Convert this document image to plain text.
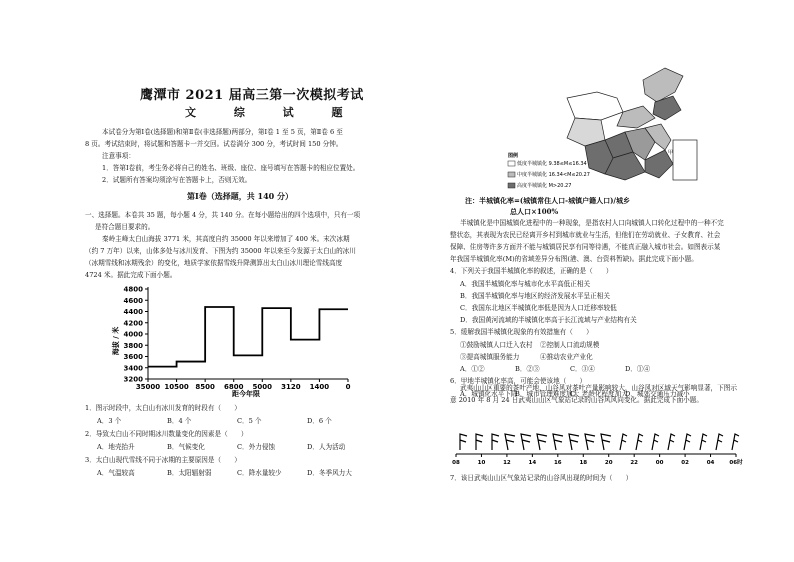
鹰潭市 2021 届高三第一次模拟考试
文 综 试 题
本试卷分为第Ⅰ卷(选择题)和第Ⅱ卷(非选择题)两部分，第Ⅰ卷 1 至 5 页，第Ⅱ卷 6 至
8 页。考试结束时，将试题和答题卡一并交回。试卷满分 300 分，考试时间 150 分钟。
注意事项：
1．答第Ⅰ卷前，考生务必将自己的姓名、班级、座位、座号填写在答题卡的相应位置处。
2．试题所有答案均须涂写在答题卡上，否则无效。
第Ⅰ卷（选择题，共 140 分）
一、选择题。本卷共 35 题，每小题 4 分，共 140 分。在每小题给出的四个选项中，只有一项
是符合题目要求的。
秦岭主峰太白山海拔 3771 米，其高度自约 35000 年以来增加了 400 米。末次冰期
（约 7 万年）以来，山体多处与冰川发育、下图为约 35000 年以来至今发源于太白山的冰川
（冰期雪线和冰期残余）的变化，地质学家依据雪线升降测算出太白山冰川理论雪线高度
4724 米。据此完成下面小题。
3200
3400
3600
3800
4000
4200
4400
4600
4800
35000 10500 8500 6800 5000 3120 1400 0
海拔 / 米
距今年限
1．图示时段中，太白山有冰川发育的时段有（　　）
A．3 个	B．4 个	C．5 个	D．6 个
2．导致太白山不同时期冰川数量变化的因素是（　　）
A．地壳抬升	B．气候变化	C．外力侵蚀	D．人为活动
3．太白山现代雪线不同于冰期的主要原因是（　　）
A．气温较高	B．太阳辐射弱	C．降水量较少	D．冬季风力大
甲
图例
低度半城镇化 9.38≤M≤16.34
中度半城镇化 16.34<M≤20.27
高度半城镇化 M>20.27
注：半城镇化率=(城镇常住人口-城镇户籍人口)/城乡
总人口×100%
半城镇化是中国城镇化进程中的一种现象，是指农村人口向城镇人口转化过程中的一种不完
整状态，其表现为农民已经离开乡村到城市就业与生活，但他们在劳动就业、子女教育、社会
保障、住房等许多方面并不能与城镇居民享有同等待遇，不能真正融入城市社会。如图表示某
年我国半城镇化率(M)的省域差异分布图(港、澳、台资料暂缺)。据此完成下面小题。
4．下列关于我国半城镇化率的叙述，正确的是（　　）
A．我国半城镇化率与城市化水平高低正相关
B．我国半城镇化率与地区的经济发展水平呈正相关
C．我国东北地区半城镇化率低是因为人口迁移率较低
D．我国黄河流域的半城镇化率高于长江流域与产业结构有关
5．缓解我国半城镇化现象的有效措施有（　　）
①鼓励城镇人口迁入农村 ②控制人口流动规模
③提高城镇服务能力	④推动农业产业化
A．①②	B．②③	C．③④	D．①④
6．甲地半城镇化率高，可能会使该地（　　）
A．城镇化水平下降
B．城市管理难度加大
C．老龄化程度加大
D．城郊交通压力减小
武夷山山区重要的茶叶产地，山谷风对茶叶产量影响较大，山谷风对区域天气影响显著，下图示
意 2010 年 8 月 24 日武夷山山区气象站记录的山谷风风向变化。据此完成下面小题。
08	10	12	14	16	18	20	22	00	02	04	06时
7．该日武夷山山区气象站记录的山谷风出现的时间为（　　）
